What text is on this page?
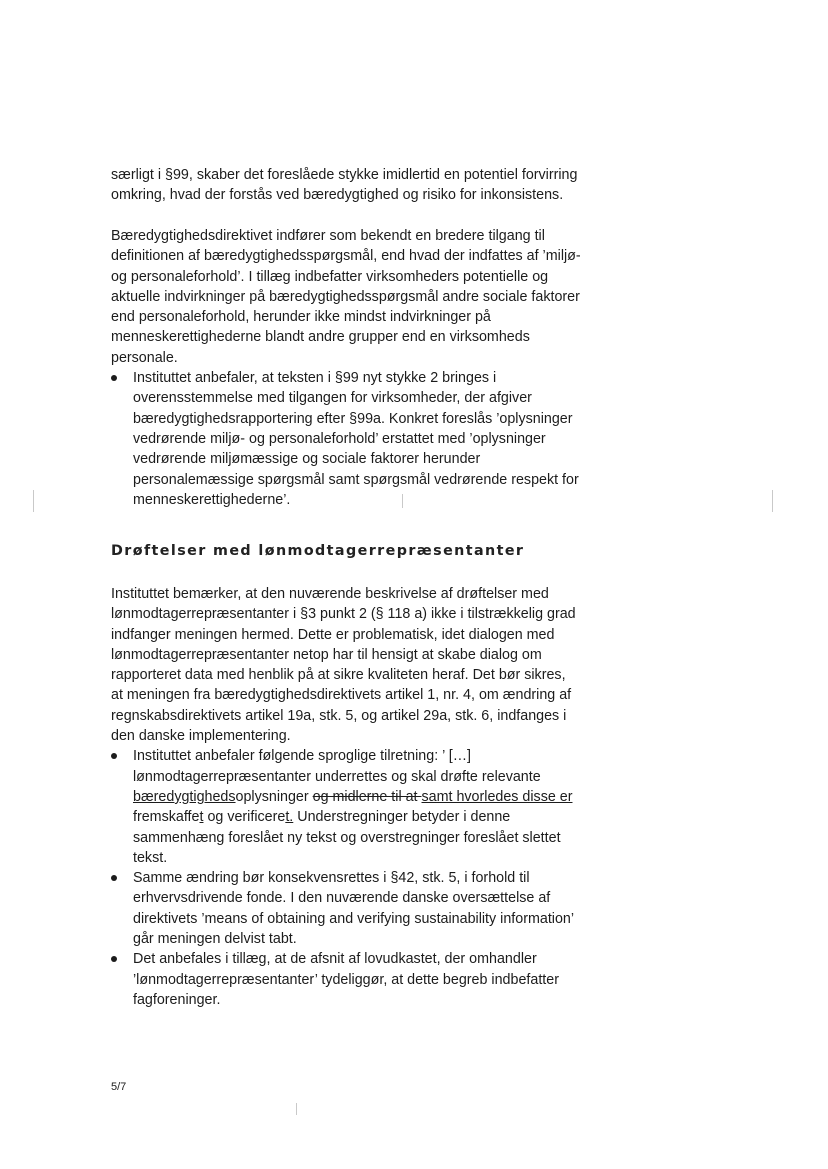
særligt i §99, skaber det foreslåede stykke imidlertid en potentiel forvirring omkring, hvad der forstås ved bæredygtighed og risiko for inkonsistens.

Bæredygtighedsdirektivet indfører som bekendt en bredere tilgang til definitionen af bæredygtighedsspørgsmål, end hvad der indfattes af ’miljø- og personaleforhold’. I tillæg indbefatter virksomheders potentielle og aktuelle indvirkninger på bæredygtighedsspørgsmål andre sociale faktorer end personaleforhold, herunder ikke mindst indvirkninger på menneskerettighederne blandt andre grupper end en virksomheds personale.

Instituttet anbefaler, at teksten i §99 nyt stykke 2 bringes i overensstemmelse med tilgangen for virksomheder, der afgiver bæredygtighedsrapportering efter §99a. Konkret foreslås ’oplysninger vedrørende miljø- og personaleforhold’ erstattet med ’oplysninger vedrørende miljømæssige og sociale faktorer herunder personalemæssige spørgsmål samt spørgsmål vedrørende respekt for menneskerettighederne’.
Drøftelser med lønmodtagerrepræsentanter

Instituttet bemærker, at den nuværende beskrivelse af drøftelser med lønmodtagerrepræsentanter i §3 punkt 2 (§ 118 a) ikke i tilstrækkelig grad indfanger meningen hermed. Dette er problematisk, idet dialogen med lønmodtagerrepræsentanter netop har til hensigt at skabe dialog om rapporteret data med henblik på at sikre kvaliteten heraf. Det bør sikres, at meningen fra bæredygtighedsdirektivets artikel 1, nr. 4, om ændring af regnskabsdirektivets artikel 19a, stk. 5, og artikel 29a, stk. 6, indfanges i den danske implementering.

Instituttet anbefaler følgende sproglige tilretning: ’ […] lønmodtagerrepræsentanter underrettes og skal drøfte relevante bæredygtighedsoplysninger og midlerne til at samt hvorledes disse er fremskaffet og verificeret. Understregninger betyder i denne sammenhæng foreslået ny tekst og overstregninger foreslået slettet tekst.
Samme ændring bør konsekvensrettes i §42, stk. 5, i forhold til erhvervsdrivende fonde. I den nuværende danske oversættelse af direktivets ’means of obtaining and verifying sustainability information’ går meningen delvist tabt.
Det anbefales i tillæg, at de afsnit af lovudkastet, der omhandler ’lønmodtagerrepræsentanter’ tydeliggør, at dette begreb indbefatter fagforeninger.
5/7
